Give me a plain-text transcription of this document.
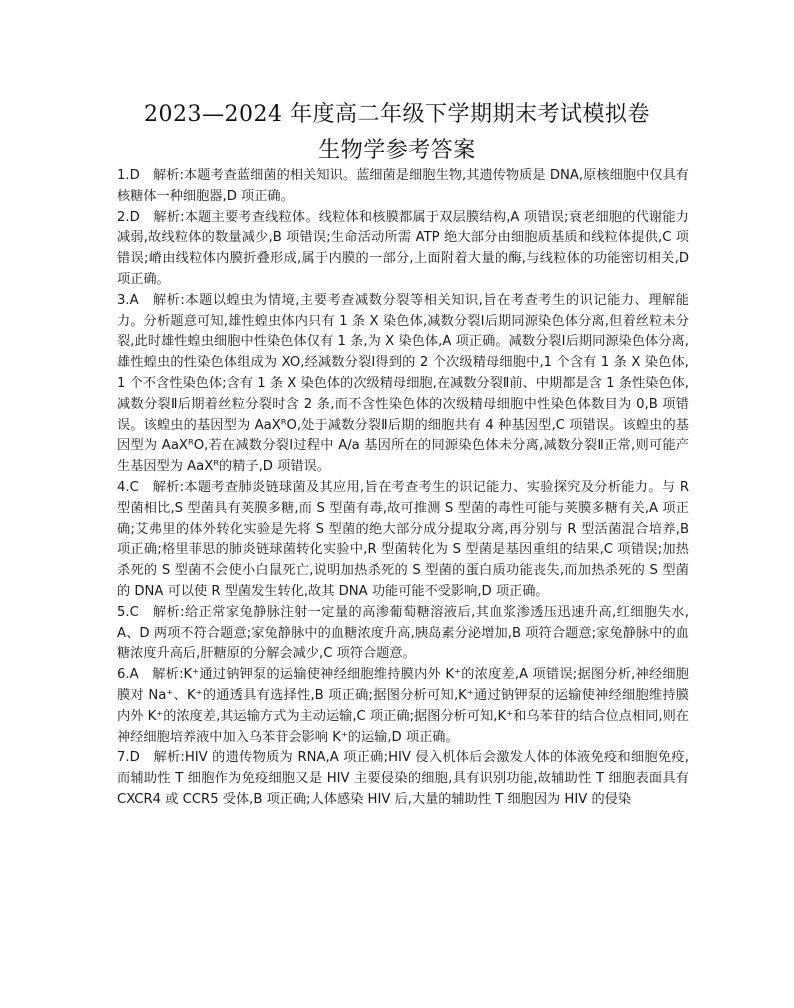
2023—2024 年度高二年级下学期期末考试模拟卷
生物学参考答案

1.D　解析:本题考查蓝细菌的相关知识。蓝细菌是细胞生物,其遗传物质是 DNA,原核细胞中仅具有核糖体一种细胞器,D 项正确。

2.D　解析:本题主要考查线粒体。线粒体和核膜都属于双层膜结构,A 项错误;衰老细胞的代谢能力减弱,故线粒体的数量减少,B 项错误;生命活动所需 ATP 绝大部分由细胞质基质和线粒体提供,C 项错误;嵴由线粒体内膜折叠形成,属于内膜的一部分,上面附着大量的酶,与线粒体的功能密切相关,D 项正确。

3.A　解析:本题以蝗虫为情境,主要考查减数分裂等相关知识,旨在考查考生的识记能力、理解能力。分析题意可知,雄性蝗虫体内只有 1 条 X 染色体,减数分裂Ⅰ后期同源染色体分离,但着丝粒未分裂,此时雄性蝗虫细胞中性染色体仅有 1 条,为 X 染色体,A 项正确。减数分裂Ⅰ后期同源染色体分离,雄性蝗虫的性染色体组成为 XO,经减数分裂Ⅰ得到的 2 个次级精母细胞中,1 个含有 1 条 X 染色体,1 个不含性染色体;含有 1 条 X 染色体的次级精母细胞,在减数分裂Ⅱ前、中期都是含 1 条性染色体,减数分裂Ⅱ后期着丝粒分裂时含 2 条,而不含性染色体的次级精母细胞中性染色体数目为 0,B 项错误。该蝗虫的基因型为 AaXᴿO,处于减数分裂Ⅱ后期的细胞共有 4 种基因型,C 项错误。该蝗虫的基因型为 AaXᴿO,若在减数分裂Ⅰ过程中 A/a 基因所在的同源染色体未分离,减数分裂Ⅱ正常,则可能产生基因型为 AaXᴿ的精子,D 项错误。

4.C　解析:本题考查肺炎链球菌及其应用,旨在考查考生的识记能力、实验探究及分析能力。与 R 型菌相比,S 型菌具有荚膜多糖,而 S 型菌有毒,故可推测 S 型菌的毒性可能与荚膜多糖有关,A 项正确;艾弗里的体外转化实验是先将 S 型菌的绝大部分成分提取分离,再分别与 R 型活菌混合培养,B 项正确;格里菲思的肺炎链球菌转化实验中,R 型菌转化为 S 型菌是基因重组的结果,C 项错误;加热杀死的 S 型菌不会使小白鼠死亡,说明加热杀死的 S 型菌的蛋白质功能丧失,而加热杀死的 S 型菌的 DNA 可以使 R 型菌发生转化,故其 DNA 功能可能不受影响,D 项正确。

5.C　解析:给正常家兔静脉注射一定量的高渗葡萄糖溶液后,其血浆渗透压迅速升高,红细胞失水,A、D 两项不符合题意;家兔静脉中的血糖浓度升高,胰岛素分泌增加,B 项符合题意;家兔静脉中的血糖浓度升高后,肝糖原的分解会减少,C 项符合题意。

6.A　解析:K⁺通过钠钾泵的运输使神经细胞维持膜内外 K⁺的浓度差,A 项错误;据图分析,神经细胞膜对 Na⁺、K⁺的通透具有选择性,B 项正确;据图分析可知,K⁺通过钠钾泵的运输使神经细胞维持膜内外 K⁺的浓度差,其运输方式为主动运输,C 项正确;据图分析可知,K⁺和乌苯苷的结合位点相同,则在神经细胞培养液中加入乌苯苷会影响 K⁺的运输,D 项正确。

7.D　解析:HIV 的遗传物质为 RNA,A 项正确;HIV 侵入机体后会激发人体的体液免疫和细胞免疫,而辅助性 T 细胞作为免疫细胞又是 HIV 主要侵染的细胞,具有识别功能,故辅助性 T 细胞表面具有 CXCR4 或 CCR5 受体,B 项正确;人体感染 HIV 后,大量的辅助性 T 细胞因为 HIV 的侵染
